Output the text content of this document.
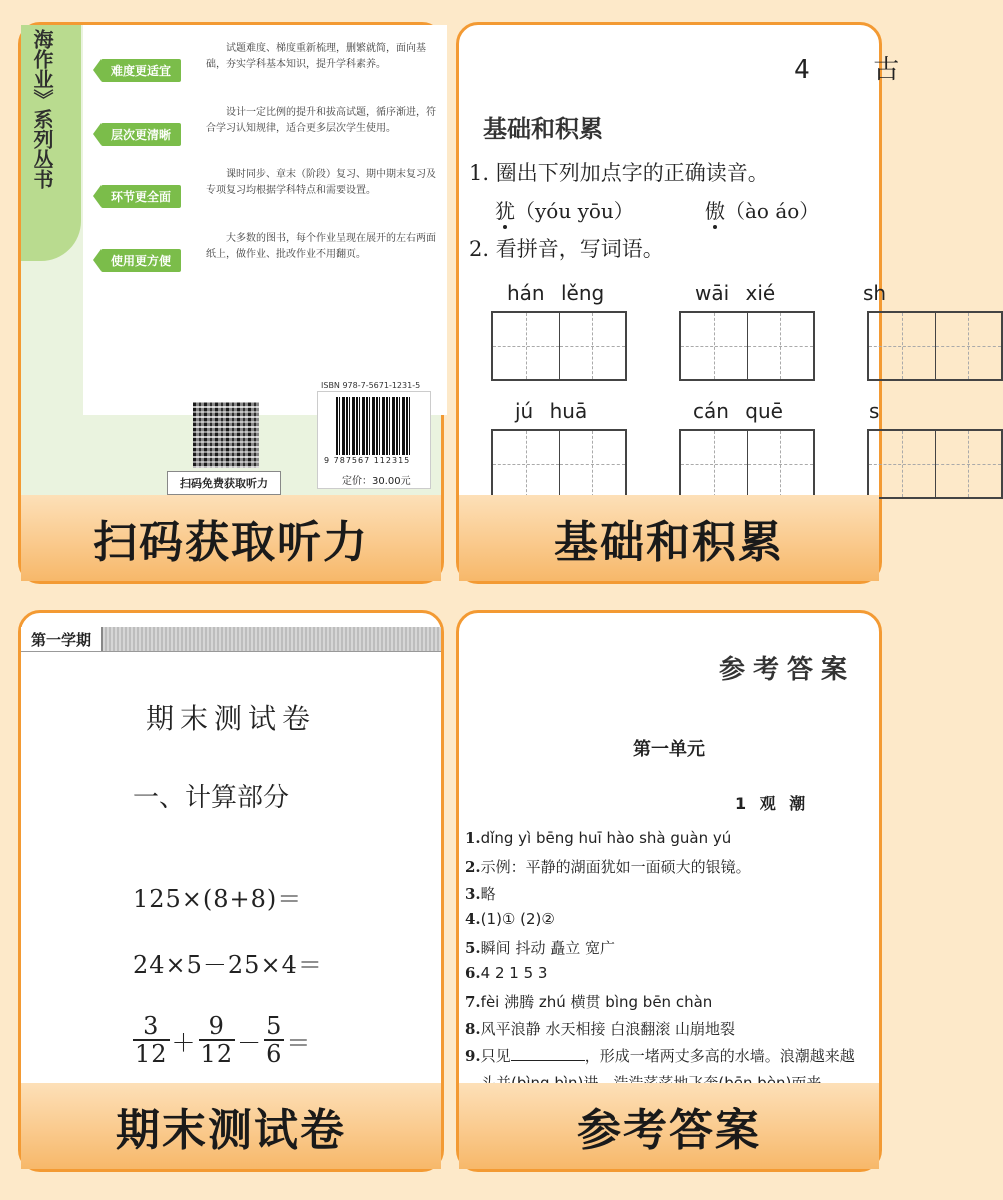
海作业》系列丛书	难度更适宜
试题难度、梯度重新梳理，删繁就简，面向基础，夯实学科基本知识，提升学科素养。
层次更清晰
设计一定比例的提升和拔高试题，循序渐进，符合学习认知规律，适合更多层次学生使用。
环节更全面
课时同步、章末（阶段）复习、期中期末复习及专项复习均根据学科特点和需要设置。
使用更方便
大多数的图书，每个作业呈现在展开的左右两面纸上，做作业、批改作业不用翻页。
扫码免费获取听力
ISBN 978-7-5671-1231-5
9 787567 112315
定价：30.00元
扫码获取听力
4 古
基础和积累
1. 圈出下列加点字的正确读音。
犹（yóu yōu）	傲（ào áo）
2. 看拼音，写词语。
hán lěng	wāi xié	sh
jú huā	cán quē	s
基础和积累
第一学期
期末测试卷
一、计算部分
125×(8+8)＝
24×5－25×4＝
$\frac{3}{12} + \frac{9}{12} - \frac{5}{6}$ ＝
期末测试卷
参考答案
第一单元
1 观 潮
1.dǐng yì bēng huī hào shà guàn yú
2.示例：平静的湖面犹如一面硕大的银镜。
3.略
4.(1)① (2)②
5.瞬间 抖动 矗立 宽广
6.4 2 1 5 3
7.fèi 沸腾 zhú 横贯 bìng bēn chàn
8.风平浪静 水天相接 白浪翻滚 山崩地裂
9.只见	，形成一堵两丈多高的水墙。浪潮越来越
参考答案
